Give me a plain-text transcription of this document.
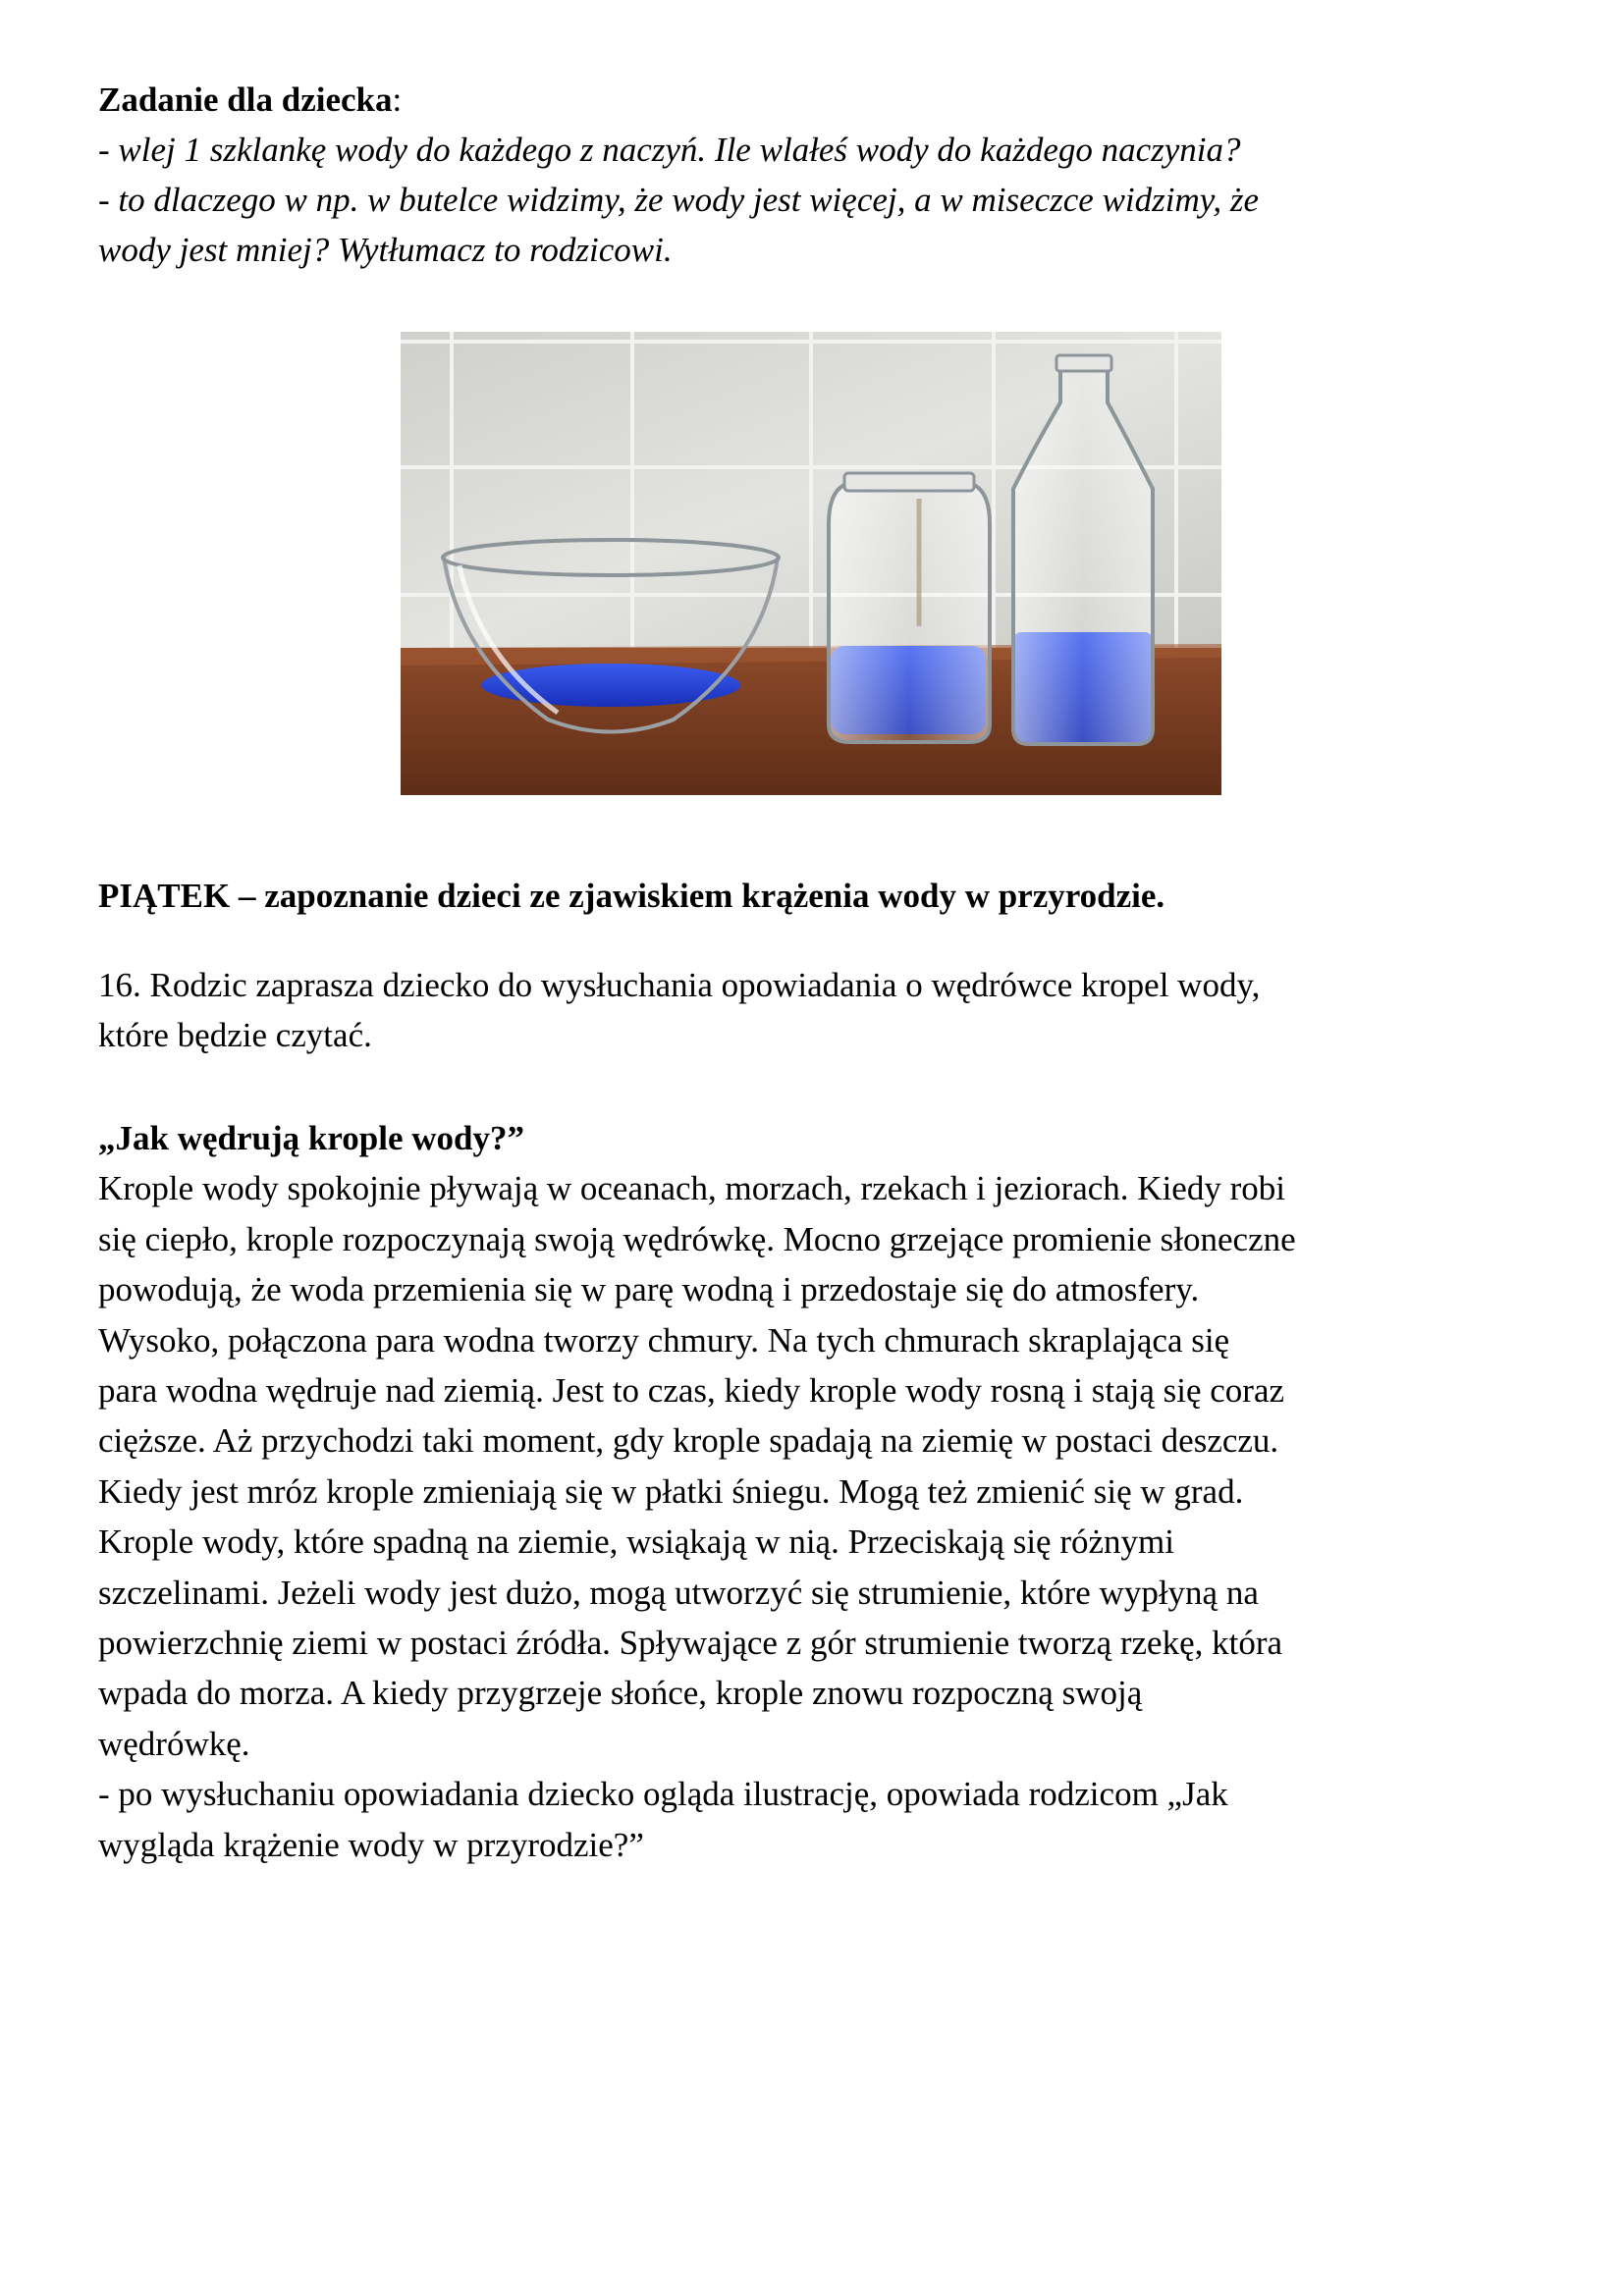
Zadanie dla dziecka:
- wlej 1 szklankę wody do każdego z naczyń. Ile wlałeś wody do każdego naczynia?
- to dlaczego w np. w butelce widzimy, że wody jest więcej, a w miseczce widzimy, że
wody jest mniej? Wytłumacz to rodzicowi.
PIĄTEK – zapoznanie dzieci ze zjawiskiem krążenia wody w przyrodzie.
16. Rodzic zaprasza dziecko do wysłuchania opowiadania o wędrówce kropel wody,
które będzie czytać.
„Jak wędrują krople wody?”
Krople wody spokojnie pływają w oceanach, morzach, rzekach i jeziorach. Kiedy robi
się ciepło, krople rozpoczynają swoją wędrówkę. Mocno grzejące promienie słoneczne
powodują, że woda przemienia się w parę wodną i przedostaje się do atmosfery.
Wysoko, połączona para wodna tworzy chmury. Na tych chmurach skraplająca się
para wodna wędruje nad ziemią. Jest to czas, kiedy krople wody rosną i stają się coraz
cięższe. Aż przychodzi taki moment, gdy krople spadają na ziemię w postaci deszczu.
Kiedy jest mróz krople zmieniają się w płatki śniegu. Mogą też zmienić się w grad.
Krople wody, które spadną na ziemie, wsiąkają w nią. Przeciskają się różnymi
szczelinami. Jeżeli wody jest dużo, mogą utworzyć się strumienie, które wypłyną na
powierzchnię ziemi w postaci źródła. Spływające z gór strumienie tworzą rzekę, która
wpada do morza. A kiedy przygrzeje słońce, krople znowu rozpoczną swoją
wędrówkę.
- po wysłuchaniu opowiadania dziecko ogląda ilustrację, opowiada rodzicom „Jak
wygląda krążenie wody w przyrodzie?”
